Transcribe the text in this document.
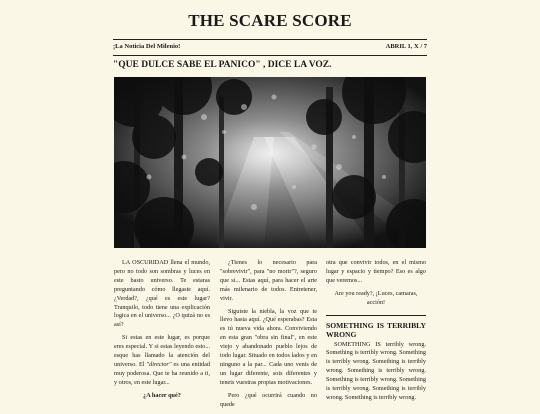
THE SCARE SCORE
¡La Noticia Del Milenio!	ABRIL 1, X / 7
"QUE DULCE SABE EL PANICO" , DICE LA VOZ.

LA OSCURIDAD llena el mundo, pero no todo son sombras y luces en este basto universo. Te estaras preguntando cómo llegaste aquí. ¿Verdad?, ¿qué es este lugar? Tranquilo, todo tiene una explicación logica en el universo... ¿O quizá no es así?

Si estas en este lugar, es porque eres especial. Y si estas leyendo esto... esque has llamado la atención del universo. El "director" es una entidad muy poderosa. Que te ha reunido a ti, y otros, en este lugar...

¿A hacer qué?

¿Tienes lo necesario para "sobrevivir", para "no morir"?, seguro que si... Estas aquí, para hacer el arte más milenario de todos. Entretener, vivir.

Siguiste la niebla, la voz que te llevo hasta aquí. ¿Qué esperabas? Esta es tú nueva vida ahora. Conviviendo en esta gran "obra sin final", en este viejo y abandonado pueblo lejos de todo lugar. Situado en todos lados y en ninguno a la par... Cada uno venis de un lugar diferente, sois diferentes y teneis vuestras propias motivaciones.

Pero ¿qué ocurrirá cuando no quede

otra que convivir todos, en el mismo lugar y espacio y tiempo? Eso es algo que veremos...

Are you ready?, ¡Luces, camaras, acción!

SOMETHING IS TERRIBLY WRONG

SOMETHING IS terribly wrong. Something is terribly wrong. Something is terribly wrong. Something is terribly wrong. Something is terribly wrong. Something is terribly wrong. Something is terribly wrong. Something is terribly wrong. Something is terribly wrong.
